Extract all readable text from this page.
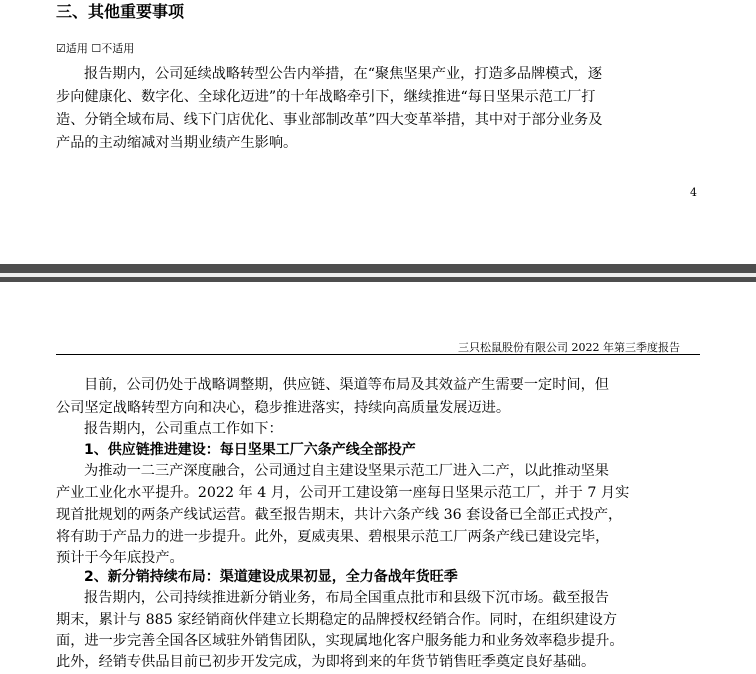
三、其他重要事项
☑适用 ☐不适用
报告期内，公司延续战略转型公告内举措，在“聚焦坚果产业，打造多品牌模式，逐
步向健康化、数字化、全球化迈进”的十年战略牵引下，继续推进“每日坚果示范工厂打
造、分销全域布局、线下门店优化、事业部制改革”四大变革举措，其中对于部分业务及
产品的主动缩减对当期业绩产生影响。
4
三只松鼠股份有限公司 2022 年第三季度报告
目前，公司仍处于战略调整期，供应链、渠道等布局及其效益产生需要一定时间，但
公司坚定战略转型方向和决心，稳步推进落实，持续向高质量发展迈进。
报告期内，公司重点工作如下：
1、供应链推进建设：每日坚果工厂六条产线全部投产
为推动一二三产深度融合，公司通过自主建设坚果示范工厂进入二产，以此推动坚果
产业工业化水平提升。2022 年 4 月，公司开工建设第一座每日坚果示范工厂，并于 7 月实
现首批规划的两条产线试运营。截至报告期末，共计六条产线 36 套设备已全部正式投产，
将有助于产品力的进一步提升。此外，夏威夷果、碧根果示范工厂两条产线已建设完毕，
预计于今年底投产。
2、新分销持续布局：渠道建设成果初显，全力备战年货旺季
报告期内，公司持续推进新分销业务，布局全国重点批市和县级下沉市场。截至报告
期末，累计与 885 家经销商伙伴建立长期稳定的品牌授权经销合作。同时，在组织建设方
面，进一步完善全国各区域驻外销售团队，实现属地化客户服务能力和业务效率稳步提升。
此外，经销专供品目前已初步开发完成，为即将到来的年货节销售旺季奠定良好基础。
